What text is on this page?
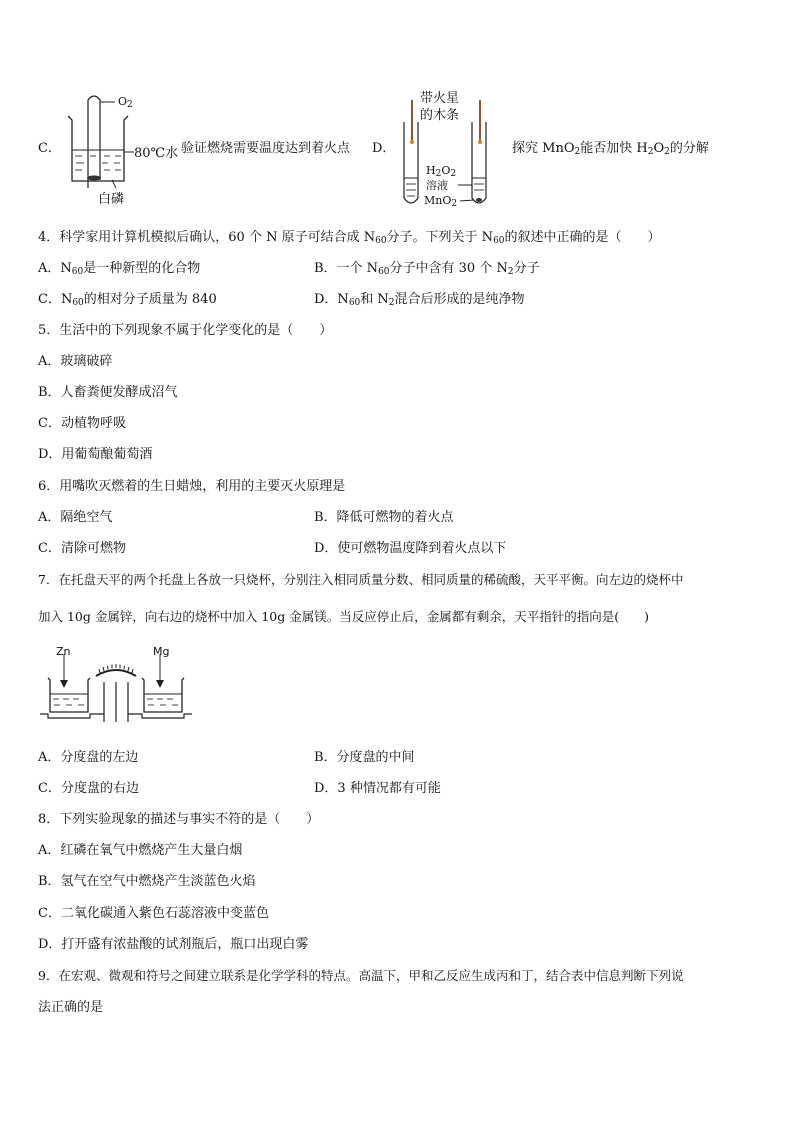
C．
$O_2$
80℃水
白磷
验证燃烧需要温度达到着火点 D．
带火星
的木条
$H_2O_2$
溶液
MnO$_2$
探究 MnO$_2$能否加快 $H_2O_2$的分解
4．科学家用计算机模拟后确认，60 个 N 原子可结合成 $N_{60}$分子。下列关于 $N_{60}$的叙述中正确的是（　　）
A．$N_{60}$是一种新型的化合物	B．一个 $N_{60}$分子中含有 30 个 $N_2$分子
C．$N_{60}$的相对分子质量为 840	D．$N_{60}$和 $N_2$混合后形成的是纯净物
5．生活中的下列现象不属于化学变化的是（　　）
A．玻璃破碎
B．人畜粪便发酵成沼气
C．动植物呼吸
D．用葡萄酿葡萄酒
6．用嘴吹灭燃着的生日蜡烛，利用的主要灭火原理是
A．隔绝空气	B．降低可燃物的着火点
C．清除可燃物	D．使可燃物温度降到着火点以下
7．在托盘天平的两个托盘上各放一只烧杯，分别注入相同质量分数、相同质量的稀硫酸，天平平衡。向左边的烧杯中
加入 10g 金属锌，向右边的烧杯中加入 10g 金属镁。当反应停止后，金属都有剩余，天平指针的指向是(　　)
Zn	Mg
A．分度盘的左边	B．分度盘的中间
C．分度盘的右边	D．3 种情况都有可能
8．下列实验现象的描述与事实不符的是（　　）
A．红磷在氧气中燃烧产生大量白烟
B．氢气在空气中燃烧产生淡蓝色火焰
C．二氧化碳通入紫色石蕊溶液中变蓝色
D．打开盛有浓盐酸的试剂瓶后，瓶口出现白雾
9．在宏观、微观和符号之间建立联系是化学学科的特点。高温下，甲和乙反应生成丙和丁，结合表中信息判断下列说
法正确的是
